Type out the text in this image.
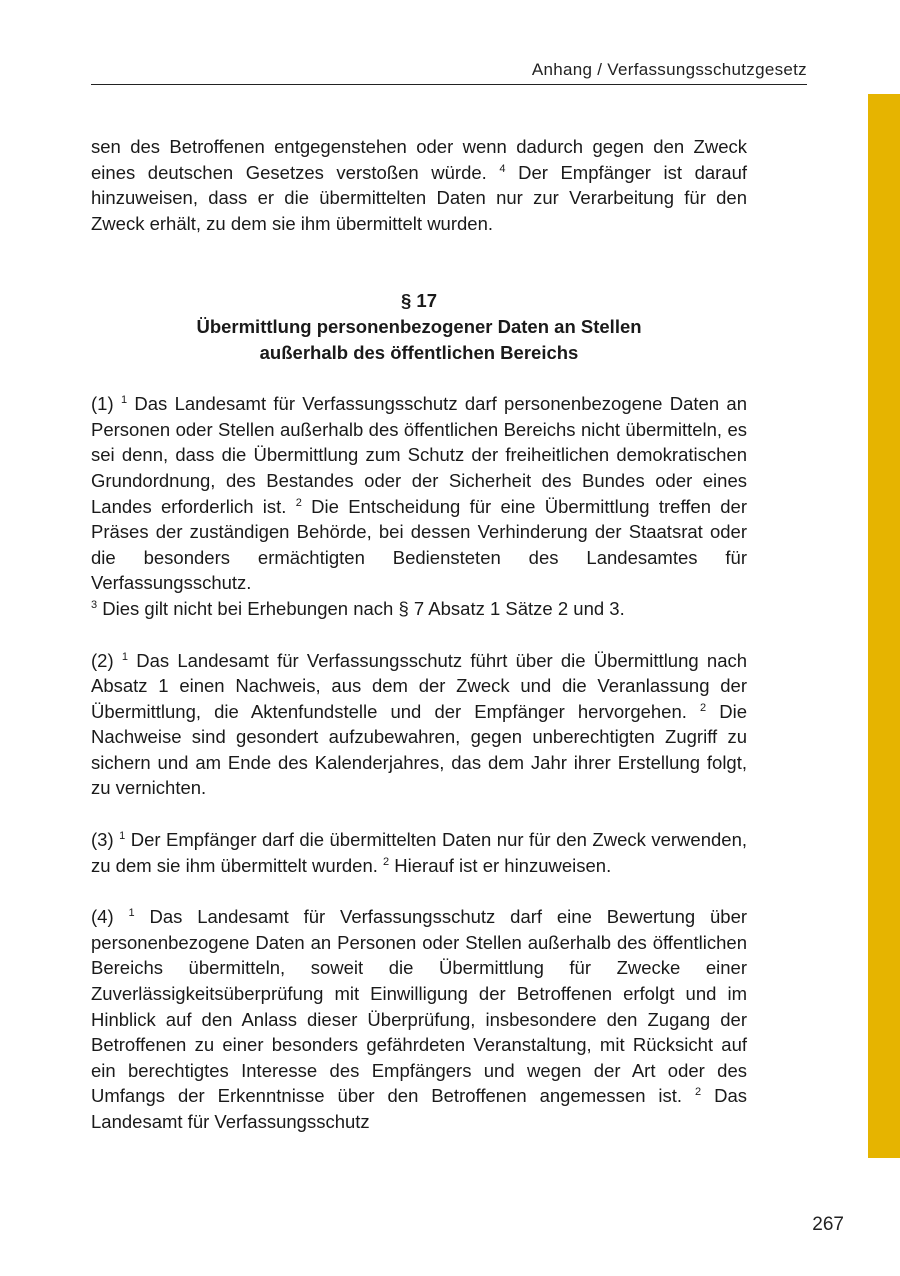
Anhang / Verfassungsschutzgesetz

sen des Betroffenen entgegenstehen oder wenn dadurch gegen den Zweck eines deutschen Gesetzes verstoßen würde. $^4$ Der Empfänger ist darauf hinzuweisen, dass er die übermittelten Daten nur zur Verarbeitung für den Zweck erhält, zu dem sie ihm übermittelt wurden.

§ 17
Übermittlung personenbezogener Daten an Stellen
außerhalb des öffentlichen Bereichs

(1) $^1$ Das Landesamt für Verfassungsschutz darf personenbezogene Daten an Personen oder Stellen außerhalb des öffentlichen Bereichs nicht übermitteln, es sei denn, dass die Übermittlung zum Schutz der freiheitlichen demokratischen Grundordnung, des Bestandes oder der Sicherheit des Bundes oder eines Landes erforderlich ist. $^2$ Die Entscheidung für eine Übermittlung treffen der Präses der zuständigen Behörde, bei dessen Verhinderung der Staatsrat oder die besonders ermächtigten Bediensteten des Landesamtes für Verfassungsschutz.
$^3$ Dies gilt nicht bei Erhebungen nach § 7 Absatz 1 Sätze 2 und 3.

(2) $^1$ Das Landesamt für Verfassungsschutz führt über die Übermittlung nach Absatz 1 einen Nachweis, aus dem der Zweck und die Veranlassung der Übermittlung, die Aktenfundstelle und der Empfänger hervorgehen. $^2$ Die Nachweise sind gesondert aufzubewahren, gegen unberechtigten Zugriff zu sichern und am Ende des Kalenderjahres, das dem Jahr ihrer Erstellung folgt, zu vernichten.

(3) $^1$ Der Empfänger darf die übermittelten Daten nur für den Zweck verwenden, zu dem sie ihm übermittelt wurden. $^2$ Hierauf ist er hinzuweisen.

(4) $^1$ Das Landesamt für Verfassungsschutz darf eine Bewertung über personenbezogene Daten an Personen oder Stellen außerhalb des öffentlichen Bereichs übermitteln, soweit die Übermittlung für Zwecke einer Zuverlässigkeitsüberprüfung mit Einwilligung der Betroffenen erfolgt und im Hinblick auf den Anlass dieser Überprüfung, insbesondere den Zugang der Betroffenen zu einer besonders gefährdeten Veranstaltung, mit Rücksicht auf ein berechtigtes Interesse des Empfängers und wegen der Art oder des Umfangs der Erkenntnisse über den Betroffenen angemessen ist. $^2$ Das Landesamt für Verfassungsschutz

267
